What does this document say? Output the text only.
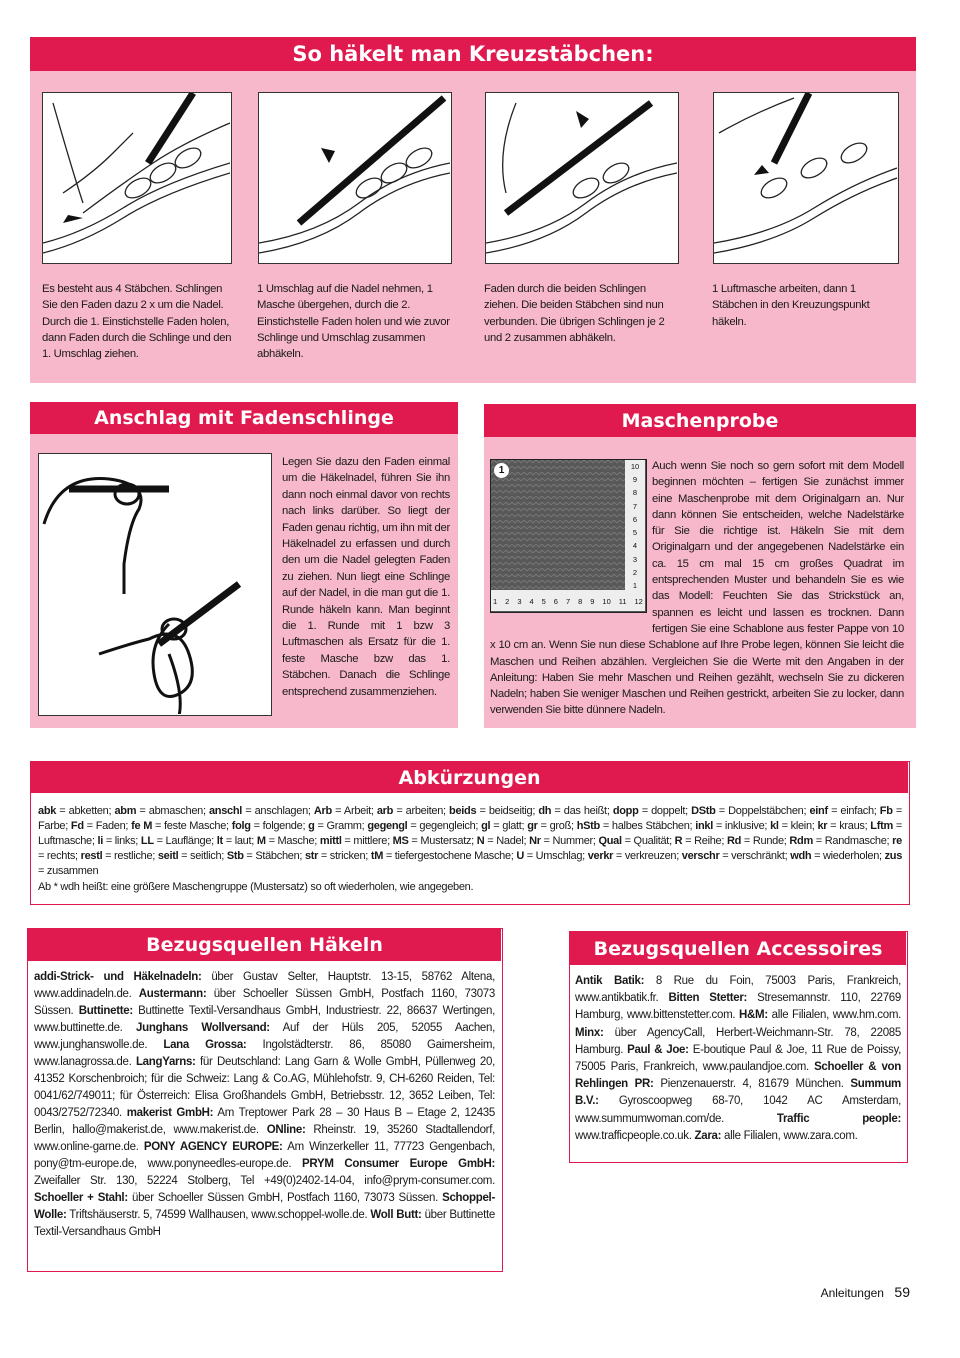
So häkelt man Kreuzstäbchen:
Es besteht aus 4 Stäbchen. Schlingen Sie den Faden dazu 2 x um die Nadel. Durch die 1. Einstichstelle Faden holen, dann Faden durch die Schlinge und den 1. Umschlag ziehen.
1 Umschlag auf die Nadel nehmen, 1 Masche übergehen, durch die 2. Einstichstelle Faden holen und wie zuvor Schlinge und Umschlag zusammen abhäkeln.
Faden durch die beiden Schlingen ziehen. Die beiden Stäbchen sind nun verbunden. Die übrigen Schlingen je 2 und 2 zusammen abhäkeln.
1 Luftmasche arbeiten, dann 1 Stäbchen in den Kreuzungspunkt häkeln.
Anschlag mit Fadenschlinge
Legen Sie dazu den Faden einmal um die Häkelnadel, führen Sie ihn dann noch einmal davor von rechts nach links darüber. So liegt der Faden genau richtig, um ihn mit der Häkelnadel zu erfassen und durch den um die Nadel gelegten Faden zu ziehen. Nun liegt eine Schlinge auf der Nadel, in die man gut die 1. Runde häkeln kann. Man beginnt die 1. Runde mit 1 bzw 3 Luftmaschen als Ersatz für die 1. feste Masche bzw das 1. Stäbchen. Danach die Schlinge entsprechend zusammenziehen.
Maschenprobe
1	10
9
8
7
6
5
4
3
2
1
1 2 3 4 5 6 7 8 9 10 11 12
Auch wenn Sie noch so gern sofort mit dem Modell beginnen möchten – fertigen Sie zunächst immer eine Maschenprobe mit dem Originalgarn an. Nur dann können Sie entscheiden, welche Nadelstärke für Sie die richtige ist. Häkeln Sie mit dem Originalgarn und der angegebenen Nadelstärke ein ca. 15 cm mal 15 cm großes Quadrat im entsprechenden Muster und behandeln Sie es wie das Modell: Feuchten Sie das Strickstück an, spannen es leicht und lassen es trocknen. Dann fertigen Sie eine Schablone aus fester Pappe von 10 x 10 cm an. Wenn Sie nun diese Schablone auf Ihre Probe legen, können Sie leicht die Maschen und Reihen abzählen. Vergleichen Sie die Werte mit den Angaben in der Anleitung: Haben Sie mehr Maschen und Reihen gezählt, wechseln Sie zu dickeren Nadeln; haben Sie weniger Maschen und Reihen gestrickt, arbeiten Sie zu locker, dann verwenden Sie bitte dünnere Nadeln.
Abkürzungen
abk = abketten; abm = abmaschen; anschl = anschlagen; Arb = Arbeit; arb = arbeiten; beids = beidseitig; dh = das heißt; dopp = doppelt; DStb = Doppelstäbchen; einf = einfach; Fb = Farbe; Fd = Faden; fe M = feste Masche; folg = folgende; g = Gramm; gegengl = gegengleich; gl = glatt; gr = groß; hStb = halbes Stäbchen; inkl = inklusive; kl = klein; kr = kraus; Lftm = Luftmasche; li = links; LL = Lauflänge; lt = laut; M = Masche; mittl = mittlere; MS = Mustersatz; N = Nadel; Nr = Nummer; Qual = Qualität; R = Reihe; Rd = Runde; Rdm = Randmasche; re = rechts; restl = restliche; seitl = seitlich; Stb = Stäbchen; str = stricken; tM = tiefergestochene Masche; U = Umschlag; verkr = verkreuzen; verschr = verschränkt; wdh = wiederholen; zus = zusammen
Ab * wdh heißt: eine größere Maschengruppe (Mustersatz) so oft wiederholen, wie angegeben.
Bezugsquellen Häkeln
addi-Strick- und Häkelnadeln: über Gustav Selter, Hauptstr. 13-15, 58762 Altena, www.addinadeln.de. Austermann: über Schoeller Süssen GmbH, Postfach 1160, 73073 Süssen. Buttinette: Buttinette Textil-Versandhaus GmbH, Industriestr. 22, 86637 Wertingen, www.buttinette.de. Junghans Wollversand: Auf der Hüls 205, 52055 Aachen, www.junghanswolle.de. Lana Grossa: Ingolstädterstr. 86, 85080 Gaimersheim, www.lanagrossa.de. LangYarns: für Deutschland: Lang Garn & Wolle GmbH, Püllenweg 20, 41352 Korschenbroich; für die Schweiz: Lang & Co.AG, Mühlehofstr. 9, CH-6260 Reiden, Tel: 0041/62/749011; für Österreich: Elisa Großhandels GmbH, Betriebsstr. 12, 3652 Leiben, Tel: 0043/2752/72340. makerist GmbH: Am Treptower Park 28 – 30 Haus B – Etage 2, 12435 Berlin, hallo@makerist.de, www.makerist.de. ONline: Rheinstr. 19, 35260 Stadtallendorf, www.online-garne.de. PONY AGENCY EUROPE: Am Winzerkeller 11, 77723 Gengenbach, pony@tm-europe.de, www.ponyneedles-europe.de. PRYM Consumer Europe GmbH: Zweifaller Str. 130, 52224 Stolberg, Tel +49(0)2402-14-04, info@prym-consumer.com. Schoeller + Stahl: über Schoeller Süssen GmbH, Postfach 1160, 73073 Süssen. Schoppel-Wolle: Triftshäuserstr. 5, 74599 Wallhausen, www.schoppel-wolle.de. Woll Butt: über Buttinette Textil-Versandhaus GmbH
Bezugsquellen Accessoires
Antik Batik: 8 Rue du Foin, 75003 Paris, Frankreich, www.antikbatik.fr. Bitten Stetter: Stresemannstr. 110, 22769 Hamburg, www.bittenstetter.com. H&M: alle Filialen, www.hm.com. Minx: über AgencyCall, Herbert-Weichmann-Str. 78, 22085 Hamburg. Paul & Joe: E-boutique Paul & Joe, 11 Rue de Poissy, 75005 Paris, Frankreich, www.paulandjoe.com. Schoeller & von Rehlingen PR: Pienzenauerstr. 4, 81679 München. Summum B.V.: Gyroscoopweg 68-70, 1042 AC Amsterdam, www.summumwoman.com/de. Traffic people: www.trafficpeople.co.uk. Zara: alle Filialen, www.zara.com.
Anleitungen 59
